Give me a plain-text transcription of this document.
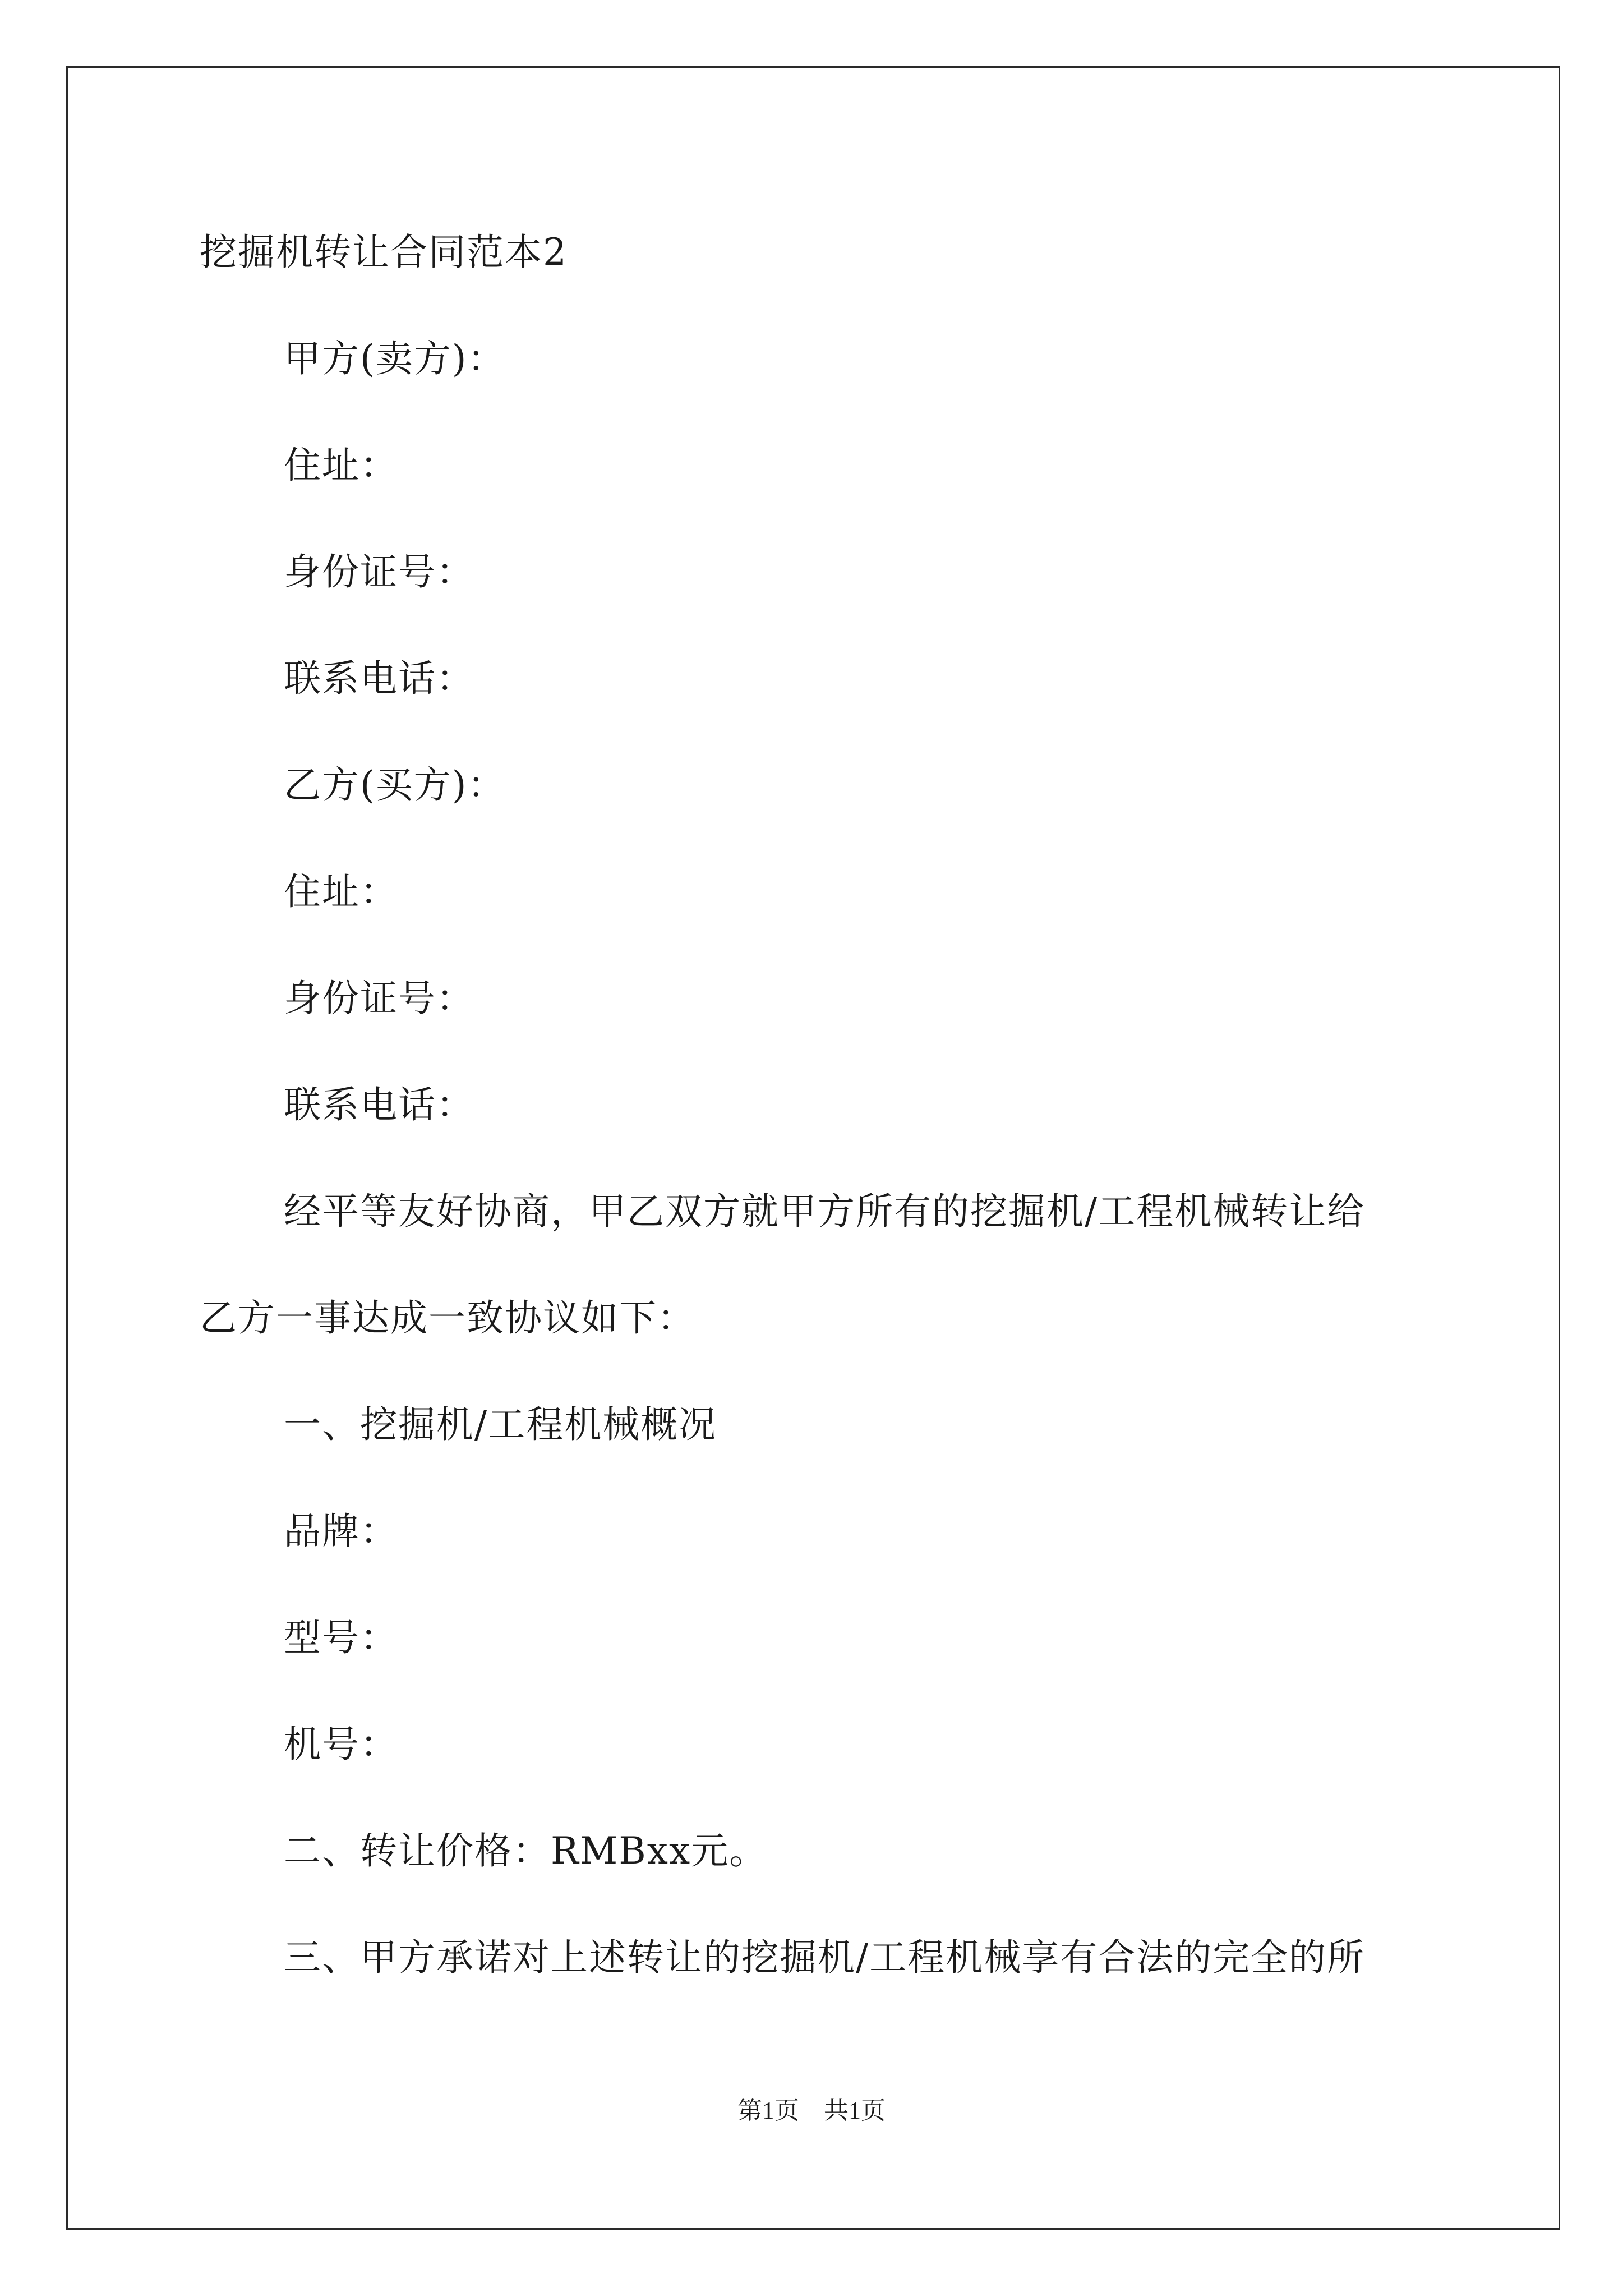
挖掘机转让合同范本2
甲方(卖方)：
住址：
身份证号：
联系电话：
乙方(买方)：
住址：
身份证号：
联系电话：
经平等友好协商，甲乙双方就甲方所有的挖掘机/工程机械转让给
乙方一事达成一致协议如下：
一、挖掘机/工程机械概况
品牌：
型号：
机号：
二、转让价格：RMBxx元。
三、甲方承诺对上述转让的挖掘机/工程机械享有合法的完全的所
第1页　共1页
